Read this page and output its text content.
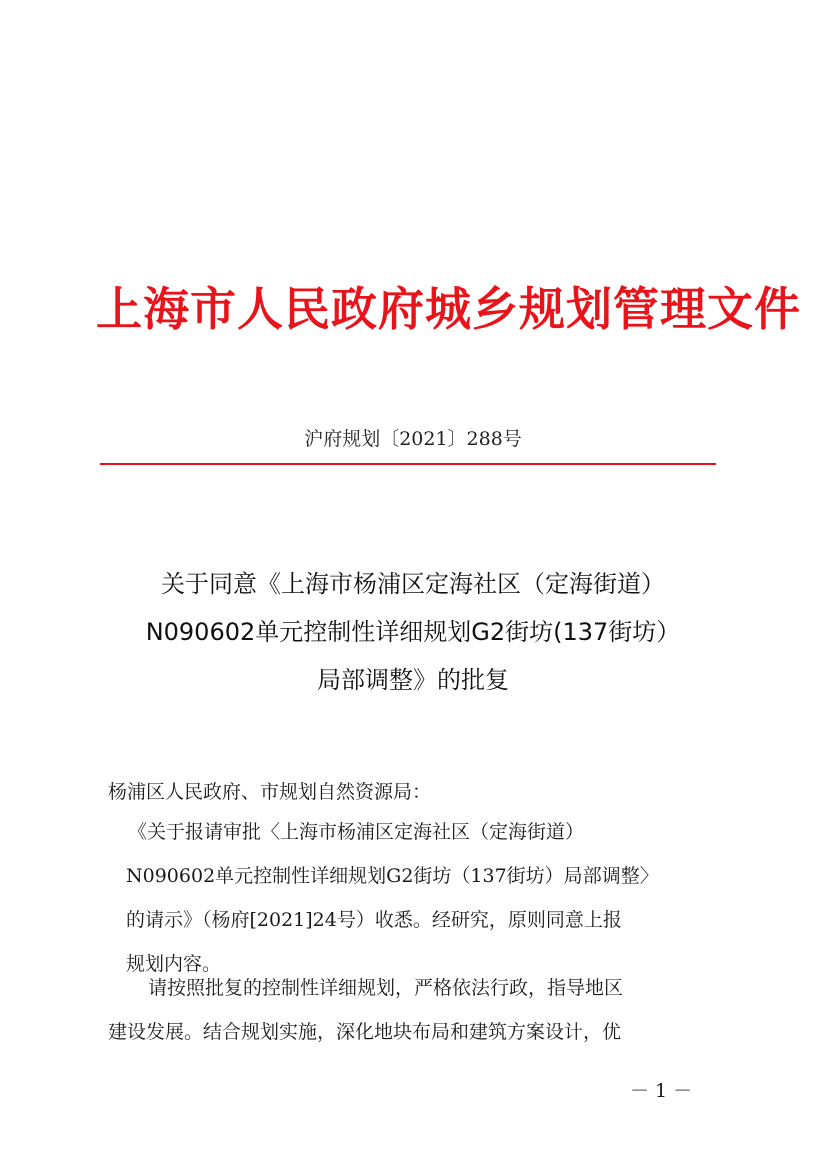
上海市人民政府城乡规划管理文件
沪府规划〔2021〕288号
关于同意《上海市杨浦区定海社区（定海街道）
N090602单元控制性详细规划G2街坊(137街坊）
局部调整》的批复
杨浦区人民政府、市规划自然资源局：
《关于报请审批〈上海市杨浦区定海社区（定海街道）
N090602单元控制性详细规划G2街坊（137街坊）局部调整〉
的请示》（杨府[2021]24号）收悉。经研究，原则同意上报
规划内容。
请按照批复的控制性详细规划，严格依法行政，指导地区
建设发展。结合规划实施，深化地块布局和建筑方案设计，优
－ 1 －
